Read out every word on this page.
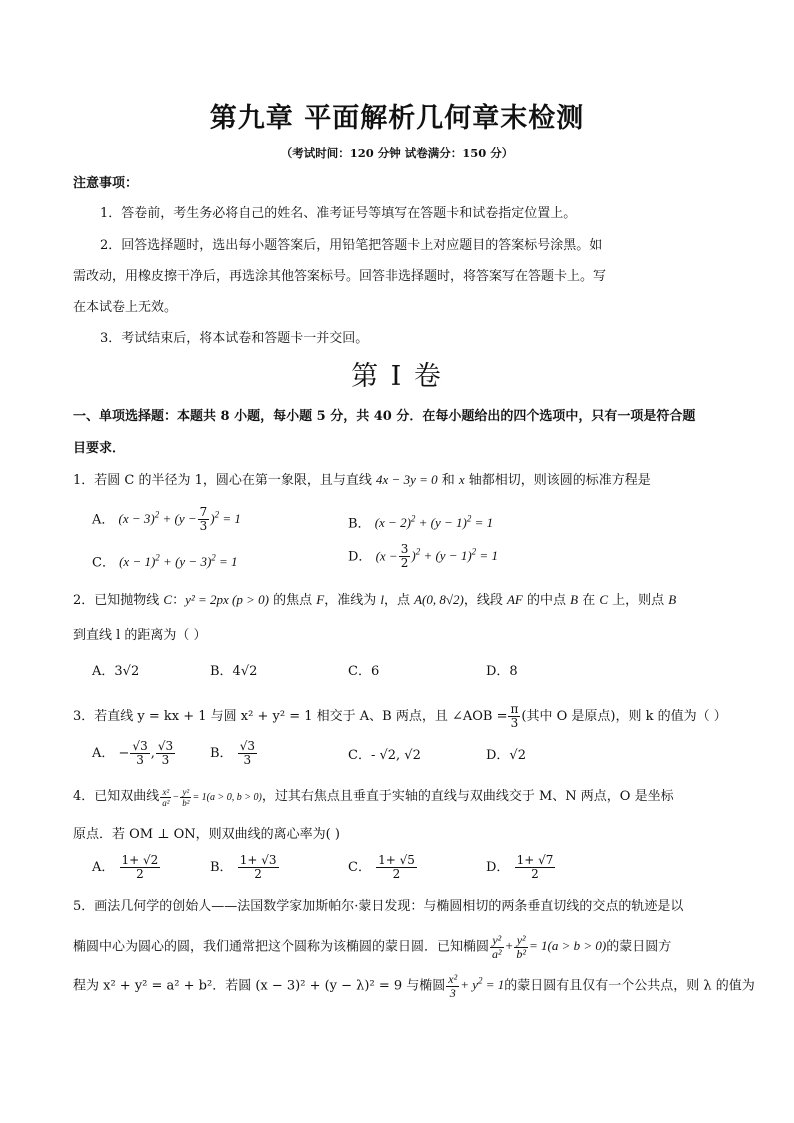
第九章 平面解析几何章末检测
（考试时间：120 分钟 试卷满分：150 分）
注意事项：
1．答卷前，考生务必将自己的姓名、准考证号等填写在答题卡和试卷指定位置上。
2．回答选择题时，选出每小题答案后，用铅笔把答题卡上对应题目的答案标号涂黑。如
需改动，用橡皮擦干净后，再选涂其他答案标号。回答非选择题时，将答案写在答题卡上。写
在本试卷上无效。
3．考试结束后，将本试卷和答题卡一并交回。
第 I 卷
一、单项选择题：本题共 8 小题，每小题 5 分，共 40 分．在每小题给出的四个选项中，只有一项是符合题
目要求．
1．若圆 C 的半径为 1，圆心在第一象限，且与直线 4x − 3y = 0 和 x 轴都相切，则该圆的标准方程是
A． $(x - 3)^2 + (y - \frac{7}{3} )^2 = 1$	B． $(x - 2)^2 + (y - 1)^2 = 1$
C． $(x - 1)^2 + (y - 3)^2 = 1$	D． $(x - \frac{3}{2} )^2 + (y - 1)^2 = 1$
2．已知抛物线 C：y² = 2px (p > 0) 的焦点 F，准线为 l，点 A(0, 8√2)，线段 AF 的中点 B 在 C 上，则点 B
到直线 l 的距离为（ ）
A．3√2	B．4√2	C．6	D．8
3．若直线 y = kx + 1 与圆 x² + y² = 1 相交于 A、B 两点，且 ∠AOB = $\frac{\pi}{3}$ (其中 O 是原点)，则 k 的值为（ ）
A． − $\frac{√3}{3}$ , $\frac{√3}{3}$	B． $\frac{√3}{3}$	C．- √2, √2	D．√2
4．已知双曲线 $\frac{\text{x²}}{\text{a²}} - \frac{\text{y²}}{\text{b²}} = 1(a > 0$, b > 0)，过其右焦点且垂直于实轴的直线与双曲线交于 M、N 两点，O 是坐标
原点．若 OM ⊥ ON，则双曲线的离心率为( )
A． $\frac{1+ √2}{2}$	B． $\frac{1+ √3}{2}$	C． $\frac{1+ √5}{2}$	D． $\frac{1+ √7}{2}$
5．画法几何学的创始人——法国数学家加斯帕尔·蒙日发现：与椭圆相切的两条垂直切线的交点的轨迹是以
椭圆中心为圆心的圆，我们通常把这个圆称为该椭圆的蒙日圆．已知椭圆 $\frac{\text{y²}}{\text{a²}} + \frac{\text{y²}}{\text{b²}} = 1(a > b > 0)$的蒙日圆方
程为 x² + y² = a² + b²．若圆 (x − 3)² + (y − λ)² = 9 与椭圆 $\frac{\text{x²}}{3} + y^2 = 1$的蒙日圆有且仅有一个公共点，则 λ 的值为
